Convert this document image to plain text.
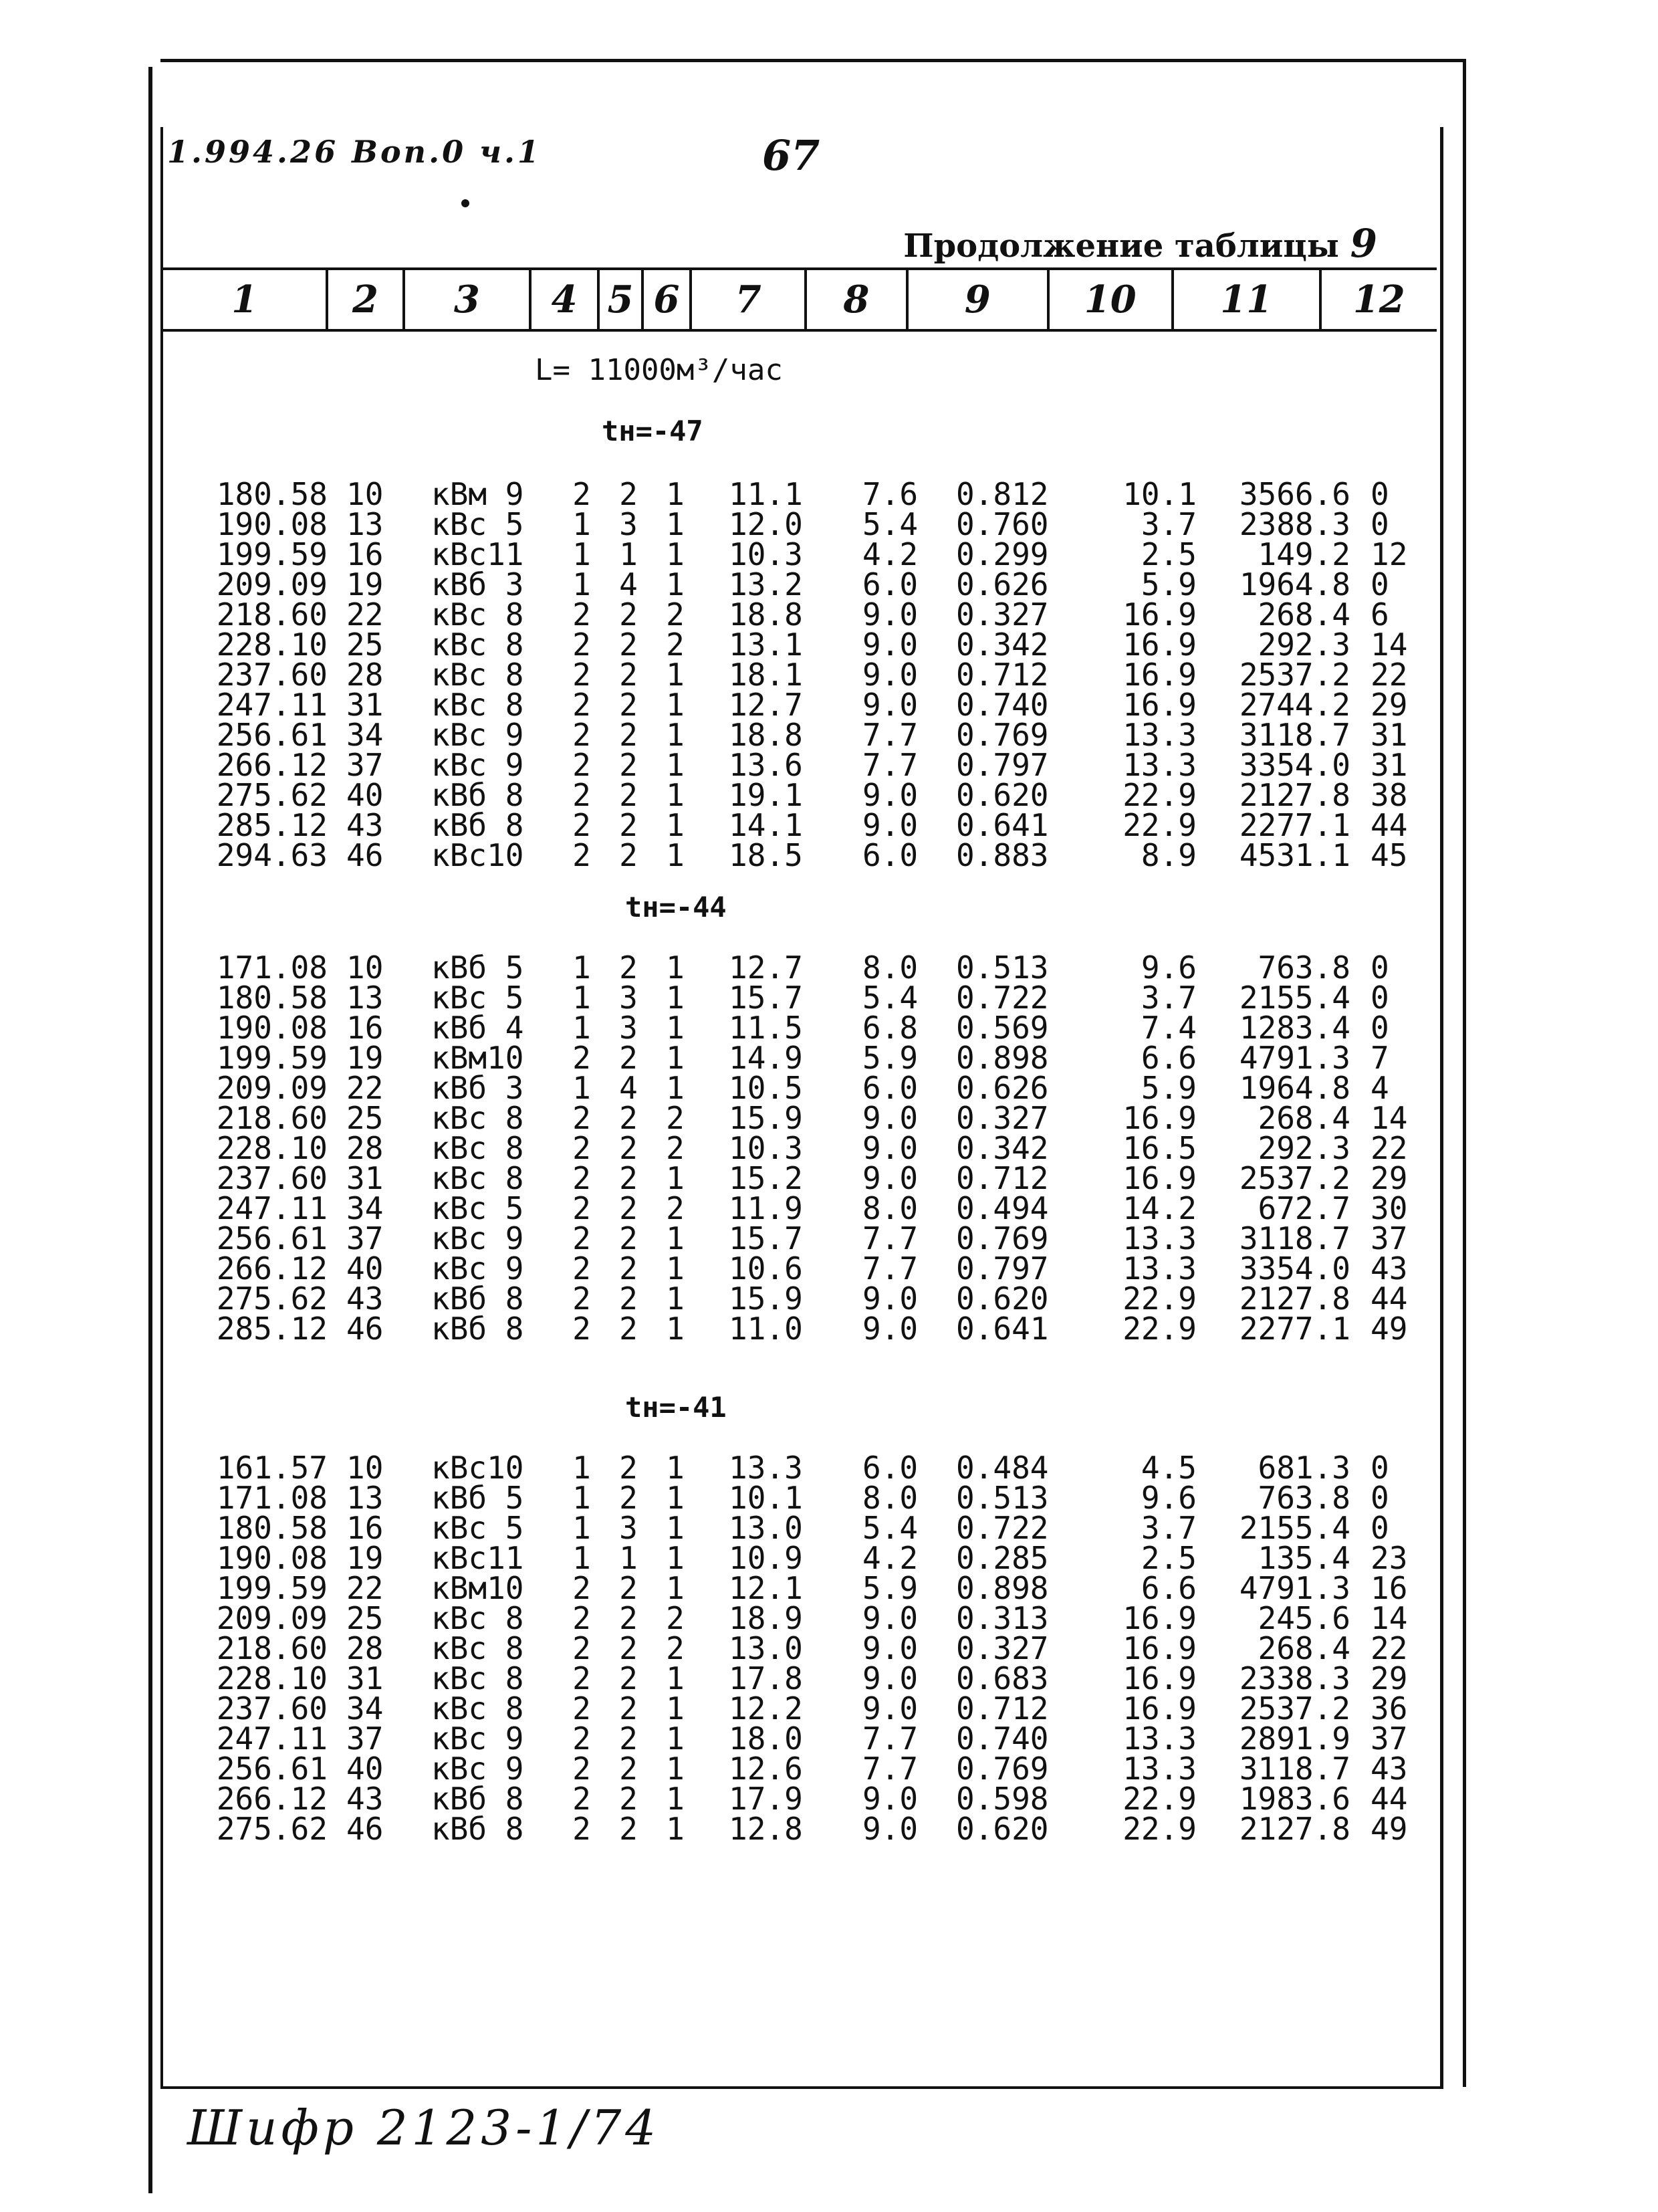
1.994.26 Воп.0 ч.1	67
Продолжение таблицы 9
1	2	3	4 5 6	7	8	9	10	11	12
L= 11000м³/час
tн=-47
180.58 10	кВм 9 2 2 1 11.1	7.6	0.812	10.1	3566.6 0
190.08 13	кВс 5 1 3 1 12.0	5.4	0.760	3.7	2388.3 0
199.59 16	кВс11 1 1 1 10.3	4.2	0.299	2.5	149.2 12
209.09 19	кВб 3 1 4 1 13.2	6.0	0.626	5.9	1964.8 0
218.60 22	кВс 8 2 2 2 18.8	9.0	0.327	16.9	268.4 6
228.10 25	кВс 8 2 2 2 13.1	9.0	0.342	16.9	292.3 14
237.60 28	кВс 8 2 2 1 18.1	9.0	0.712	16.9	2537.2 22
247.11 31	кВс 8 2 2 1 12.7	9.0	0.740	16.9	2744.2 29
256.61 34	кВс 9 2 2 1 18.8	7.7	0.769	13.3	3118.7 31
266.12 37	кВс 9 2 2 1 13.6	7.7	0.797	13.3	3354.0 31
275.62 40	кВб 8 2 2 1 19.1	9.0	0.620	22.9	2127.8 38
285.12 43	кВб 8 2 2 1 14.1	9.0	0.641	22.9	2277.1 44
294.63 46	кВс10 2 2 1 18.5	6.0	0.883	8.9	4531.1 45
tн=-44
171.08 10	кВб 5 1 2 1 12.7	8.0	0.513	9.6	763.8 0
180.58 13	кВс 5 1 3 1 15.7	5.4	0.722	3.7	2155.4 0
190.08 16	кВб 4 1 3 1 11.5	6.8	0.569	7.4	1283.4 0
199.59 19	кВм10 2 2 1 14.9	5.9	0.898	6.6	4791.3 7
209.09 22	кВб 3 1 4 1 10.5	6.0	0.626	5.9	1964.8 4
218.60 25	кВс 8 2 2 2 15.9	9.0	0.327	16.9	268.4 14
228.10 28	кВс 8 2 2 2 10.3	9.0	0.342	16.5	292.3 22
237.60 31	кВс 8 2 2 1 15.2	9.0	0.712	16.9	2537.2 29
247.11 34	кВс 5 2 2 2 11.9	8.0	0.494	14.2	672.7 30
256.61 37	кВс 9 2 2 1 15.7	7.7	0.769	13.3	3118.7 37
266.12 40	кВс 9 2 2 1 10.6	7.7	0.797	13.3	3354.0 43
275.62 43	кВб 8 2 2 1 15.9	9.0	0.620	22.9	2127.8 44
285.12 46	кВб 8 2 2 1 11.0	9.0	0.641	22.9	2277.1 49
tн=-41
161.57 10	кВс10 1 2 1 13.3	6.0	0.484	4.5	681.3 0
171.08 13	кВб 5 1 2 1 10.1	8.0	0.513	9.6	763.8 0
180.58 16	кВс 5 1 3 1 13.0	5.4	0.722	3.7	2155.4 0
190.08 19	кВс11 1 1 1 10.9	4.2	0.285	2.5	135.4 23
199.59 22	кВм10 2 2 1 12.1	5.9	0.898	6.6	4791.3 16
209.09 25	кВс 8 2 2 2 18.9	9.0	0.313	16.9	245.6 14
218.60 28	кВс 8 2 2 2 13.0	9.0	0.327	16.9	268.4 22
228.10 31	кВс 8 2 2 1 17.8	9.0	0.683	16.9	2338.3 29
237.60 34	кВс 8 2 2 1 12.2	9.0	0.712	16.9	2537.2 36
247.11 37	кВс 9 2 2 1 18.0	7.7	0.740	13.3	2891.9 37
256.61 40	кВс 9 2 2 1 12.6	7.7	0.769	13.3	3118.7 43
266.12 43	кВб 8 2 2 1 17.9	9.0	0.598	22.9	1983.6 44
275.62 46	кВб 8 2 2 1 12.8	9.0	0.620	22.9	2127.8 49
Шифр 2123-1/74
